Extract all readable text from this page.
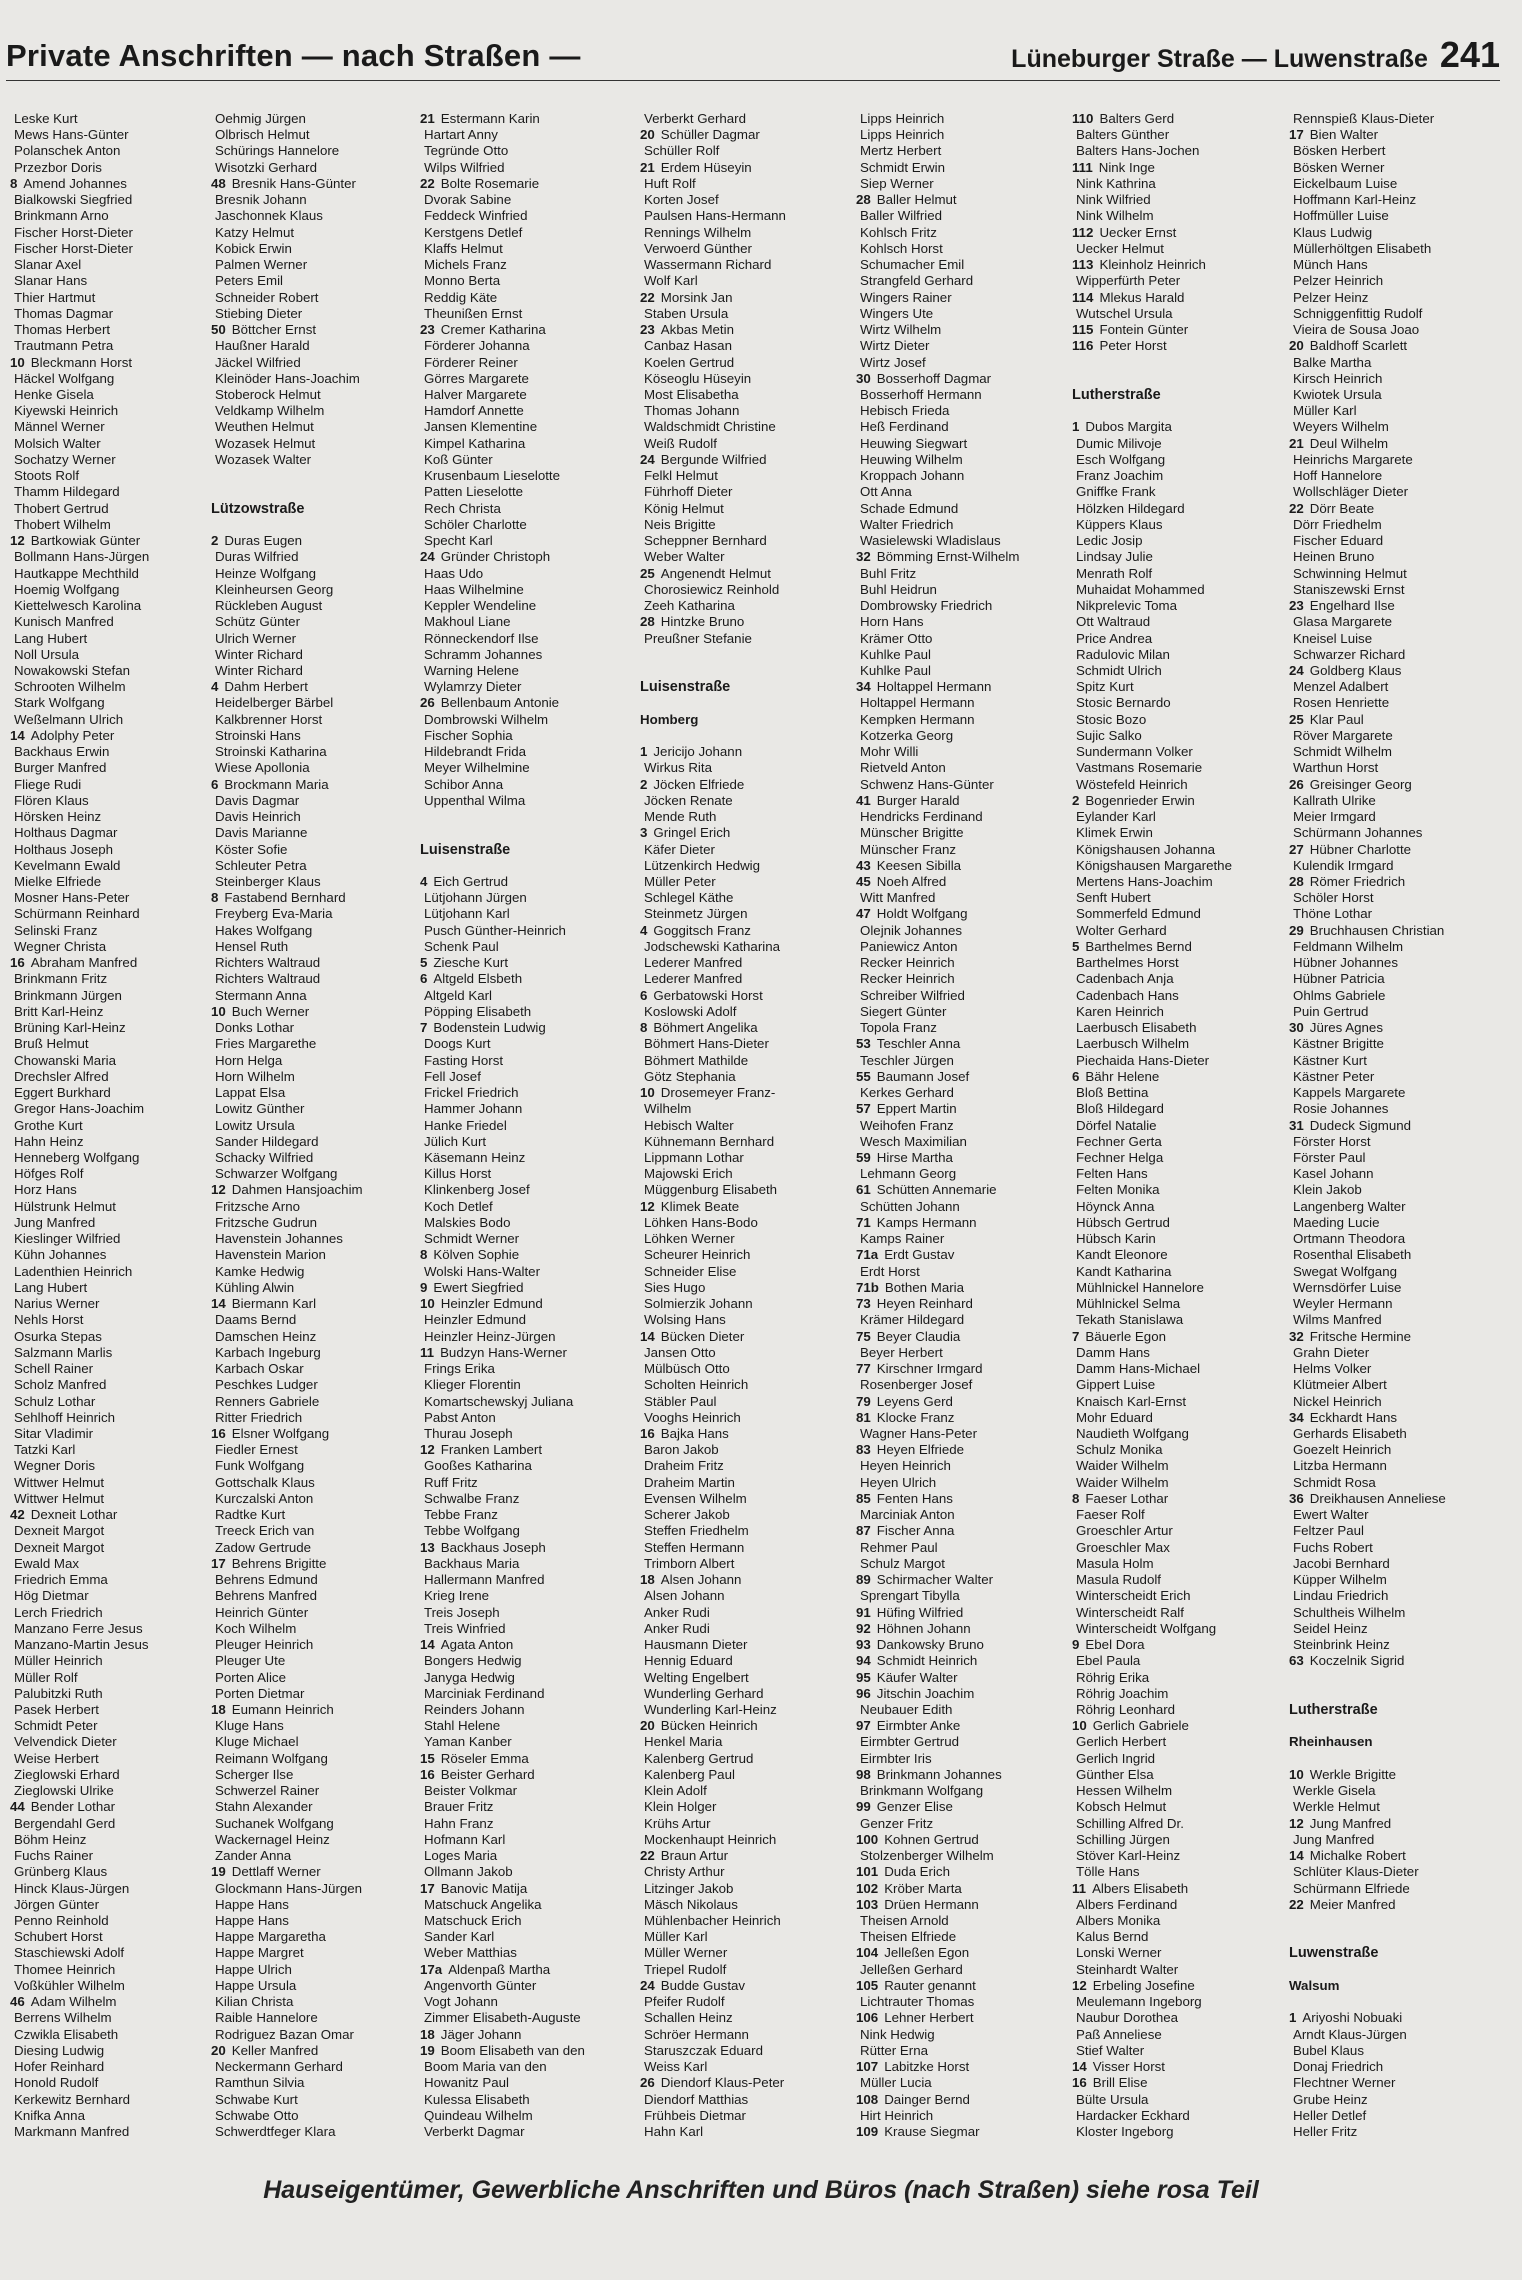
Private Anschriften — nach Straßen —	Lüneburger Straße — Luwenstraße 241
Leske Kurt
Mews Hans-Günter
Polanschek Anton
Przezbor Doris
8 Amend Johannes
Bialkowski Siegfried
Brinkmann Arno
Fischer Horst-Dieter
Fischer Horst-Dieter
Slanar Axel
Slanar Hans
Thier Hartmut
Thomas Dagmar
Thomas Herbert
Trautmann Petra
10 Bleckmann Horst
Häckel Wolfgang
Henke Gisela
Kiyewski Heinrich
Männel Werner
Molsich Walter
Sochatzy Werner
Stoots Rolf
Thamm Hildegard
Thobert Gertrud
Thobert Wilhelm
12 Bartkowiak Günter
Bollmann Hans-Jürgen
Hautkappe Mechthild
Hoemig Wolfgang
Kiettelwesch Karolina
Kunisch Manfred
Lang Hubert
Noll Ursula
Nowakowski Stefan
Schrooten Wilhelm
Stark Wolfgang
Weßelmann Ulrich
14 Adolphy Peter
Backhaus Erwin
Burger Manfred
Fliege Rudi
Flören Klaus
Hörsken Heinz
Holthaus Dagmar
Holthaus Joseph
Kevelmann Ewald
Mielke Elfriede
Mosner Hans-Peter
Schürmann Reinhard
Selinski Franz
Wegner Christa
16 Abraham Manfred
Brinkmann Fritz
Brinkmann Jürgen
Britt Karl-Heinz
Brüning Karl-Heinz
Bruß Helmut
Chowanski Maria
Drechsler Alfred
Eggert Burkhard
Gregor Hans-Joachim
Grothe Kurt
Hahn Heinz
Henneberg Wolfgang
Höfges Rolf
Horz Hans
Hülstrunk Helmut
Jung Manfred
Kieslinger Wilfried
Kühn Johannes
Ladenthien Heinrich
Lang Hubert
Narius Werner
Nehls Horst
Osurka Stepas
Salzmann Marlis
Schell Rainer
Scholz Manfred
Schulz Lothar
Sehlhoff Heinrich
Sitar Vladimir
Tatzki Karl
Wegner Doris
Wittwer Helmut
Wittwer Helmut
42 Dexneit Lothar
Dexneit Margot
Dexneit Margot
Ewald Max
Friedrich Emma
Hög Dietmar
Lerch Friedrich
Manzano Ferre Jesus
Manzano-Martin Jesus
Müller Heinrich
Müller Rolf
Palubitzki Ruth
Pasek Herbert
Schmidt Peter
Velvendick Dieter
Weise Herbert
Zieglowski Erhard
Zieglowski Ulrike
44 Bender Lothar
Bergendahl Gerd
Böhm Heinz
Fuchs Rainer
Grünberg Klaus
Hinck Klaus-Jürgen
Jörgen Günter
Penno Reinhold
Schubert Horst
Staschiewski Adolf
Thomee Heinrich
Voßkühler Wilhelm
46 Adam Wilhelm
Berrens Wilhelm
Czwikla Elisabeth
Diesing Ludwig
Hofer Reinhard
Honold Rudolf
Kerkewitz Bernhard
Knifka Anna
Markmann Manfred
Oehmig Jürgen
Olbrisch Helmut
Schürings Hannelore
Wisotzki Gerhard
48 Bresnik Hans-Günter
Bresnik Johann
Jaschonnek Klaus
Katzy Helmut
Kobick Erwin
Palmen Werner
Peters Emil
Schneider Robert
Stiebing Dieter
50 Böttcher Ernst
Haußner Harald
Jäckel Wilfried
Kleinöder Hans-Joachim
Stoberock Helmut
Veldkamp Wilhelm
Weuthen Helmut
Wozasek Helmut
Wozasek Walter
Lützowstraße
2 Duras Eugen
Duras Wilfried
Heinze Wolfgang
Kleinheursen Georg
Rückleben August
Schütz Günter
Ulrich Werner
Winter Richard
Winter Richard
4 Dahm Herbert
Heidelberger Bärbel
Kalkbrenner Horst
Stroinski Hans
Stroinski Katharina
Wiese Apollonia
6 Brockmann Maria
Davis Dagmar
Davis Heinrich
Davis Marianne
Köster Sofie
Schleuter Petra
Steinberger Klaus
8 Fastabend Bernhard
Freyberg Eva-Maria
Hakes Wolfgang
Hensel Ruth
Richters Waltraud
Richters Waltraud
Stermann Anna
10 Buch Werner
Donks Lothar
Fries Margarethe
Horn Helga
Horn Wilhelm
Lappat Elsa
Lowitz Günther
Lowitz Ursula
Sander Hildegard
Schacky Wilfried
Schwarzer Wolfgang
12 Dahmen Hansjoachim
Fritzsche Arno
Fritzsche Gudrun
Havenstein Johannes
Havenstein Marion
Kamke Hedwig
Kühling Alwin
14 Biermann Karl
Daams Bernd
Damschen Heinz
Karbach Ingeburg
Karbach Oskar
Peschkes Ludger
Renners Gabriele
Ritter Friedrich
16 Elsner Wolfgang
Fiedler Ernest
Funk Wolfgang
Gottschalk Klaus
Kurczalski Anton
Radtke Kurt
Treeck Erich van
Zadow Gertrude
17 Behrens Brigitte
Behrens Edmund
Behrens Manfred
Heinrich Günter
Koch Wilhelm
Pleuger Heinrich
Pleuger Ute
Porten Alice
Porten Dietmar
18 Eumann Heinrich
Kluge Hans
Kluge Michael
Reimann Wolfgang
Scherger Ilse
Schwerzel Rainer
Stahn Alexander
Suchanek Wolfgang
Wackernagel Heinz
Zander Anna
19 Dettlaff Werner
Glockmann Hans-Jürgen
Happe Hans
Happe Hans
Happe Margaretha
Happe Margret
Happe Ulrich
Happe Ursula
Kilian Christa
Raible Hannelore
Rodriguez Bazan Omar
20 Keller Manfred
Neckermann Gerhard
Ramthun Silvia
Schwabe Kurt
Schwabe Otto
Schwerdtfeger Klara
21 Estermann Karin
Hartart Anny
Tegründe Otto
Wilps Wilfried
22 Bolte Rosemarie
Dvorak Sabine
Feddeck Winfried
Kerstgens Detlef
Klaffs Helmut
Michels Franz
Monno Berta
Reddig Käte
Theunißen Ernst
23 Cremer Katharina
Förderer Johanna
Förderer Reiner
Görres Margarete
Halver Margarete
Hamdorf Annette
Jansen Klementine
Kimpel Katharina
Koß Günter
Krusenbaum Lieselotte
Patten Lieselotte
Rech Christa
Schöler Charlotte
Specht Karl
24 Gründer Christoph
Haas Udo
Haas Wilhelmine
Keppler Wendeline
Makhoul Liane
Rönneckendorf Ilse
Schramm Johannes
Warning Helene
Wylamrzy Dieter
26 Bellenbaum Antonie
Dombrowski Wilhelm
Fischer Sophia
Hildebrandt Frida
Meyer Wilhelmine
Schibor Anna
Uppenthal Wilma
Luisenstraße
4 Eich Gertrud
Lütjohann Jürgen
Lütjohann Karl
Pusch Günther-Heinrich
Schenk Paul
5 Ziesche Kurt
6 Altgeld Elsbeth
Altgeld Karl
Pöpping Elisabeth
7 Bodenstein Ludwig
Doogs Kurt
Fasting Horst
Fell Josef
Frickel Friedrich
Hammer Johann
Hanke Friedel
Jülich Kurt
Käsemann Heinz
Killus Horst
Klinkenberg Josef
Koch Detlef
Malskies Bodo
Schmidt Werner
8 Kölven Sophie
Wolski Hans-Walter
9 Ewert Siegfried
10 Heinzler Edmund
Heinzler Edmund
Heinzler Heinz-Jürgen
11 Budzyn Hans-Werner
Frings Erika
Klieger Florentin
Komartschewskyj Juliana
Pabst Anton
Thurau Joseph
12 Franken Lambert
Gooßes Katharina
Ruff Fritz
Schwalbe Franz
Tebbe Franz
Tebbe Wolfgang
13 Backhaus Joseph
Backhaus Maria
Hallermann Manfred
Krieg Irene
Treis Joseph
Treis Winfried
14 Agata Anton
Bongers Hedwig
Janyga Hedwig
Marciniak Ferdinand
Reinders Johann
Stahl Helene
Yaman Kanber
15 Röseler Emma
16 Beister Gerhard
Beister Volkmar
Brauer Fritz
Hahn Franz
Hofmann Karl
Loges Maria
Ollmann Jakob
17 Banovic Matija
Matschuck Angelika
Matschuck Erich
Sander Karl
Weber Matthias
17a Aldenpaß Martha
Angenvorth Günter
Vogt Johann
Zimmer Elisabeth-Auguste
18 Jäger Johann
19 Boom Elisabeth van den
Boom Maria van den
Howanitz Paul
Kulessa Elisabeth
Quindeau Wilhelm
Verberkt Dagmar
Verberkt Gerhard
20 Schüller Dagmar
Schüller Rolf
21 Erdem Hüseyin
Huft Rolf
Korten Josef
Paulsen Hans-Hermann
Rennings Wilhelm
Verwoerd Günther
Wassermann Richard
Wolf Karl
22 Morsink Jan
Staben Ursula
23 Akbas Metin
Canbaz Hasan
Koelen Gertrud
Köseoglu Hüseyin
Most Elisabetha
Thomas Johann
Waldschmidt Christine
Weiß Rudolf
24 Bergunde Wilfried
Felkl Helmut
Führhoff Dieter
König Helmut
Neis Brigitte
Scheppner Bernhard
Weber Walter
25 Angenendt Helmut
Chorosiewicz Reinhold
Zeeh Katharina
28 Hintzke Bruno
Preußner Stefanie
Luisenstraße
Homberg
1 Jericijo Johann
Wirkus Rita
2 Jöcken Elfriede
Jöcken Renate
Mende Ruth
3 Gringel Erich
Käfer Dieter
Lützenkirch Hedwig
Müller Peter
Schlegel Käthe
Steinmetz Jürgen
4 Goggitsch Franz
Jodschewski Katharina
Lederer Manfred
Lederer Manfred
6 Gerbatowski Horst
Koslowski Adolf
8 Böhmert Angelika
Böhmert Hans-Dieter
Böhmert Mathilde
Götz Stephania
10 Drosemeyer Franz-
Wilhelm
Hebisch Walter
Kühnemann Bernhard
Lippmann Lothar
Majowski Erich
Müggenburg Elisabeth
12 Klimek Beate
Löhken Hans-Bodo
Löhken Werner
Scheurer Heinrich
Schneider Elise
Sies Hugo
Solmierzik Johann
Wolsing Hans
14 Bücken Dieter
Jansen Otto
Mülbüsch Otto
Scholten Heinrich
Stäbler Paul
Vooghs Heinrich
16 Bajka Hans
Baron Jakob
Draheim Fritz
Draheim Martin
Evensen Wilhelm
Scherer Jakob
Steffen Friedhelm
Steffen Hermann
Trimborn Albert
18 Alsen Johann
Alsen Johann
Anker Rudi
Anker Rudi
Hausmann Dieter
Hennig Eduard
Welting Engelbert
Wunderling Gerhard
Wunderling Karl-Heinz
20 Bücken Heinrich
Henkel Maria
Kalenberg Gertrud
Kalenberg Paul
Klein Adolf
Klein Holger
Krühs Artur
Mockenhaupt Heinrich
22 Braun Artur
Christy Arthur
Litzinger Jakob
Mäsch Nikolaus
Mühlenbacher Heinrich
Müller Karl
Müller Werner
Triepel Rudolf
24 Budde Gustav
Pfeifer Rudolf
Schallen Heinz
Schröer Hermann
Staruszczak Eduard
Weiss Karl
26 Diendorf Klaus-Peter
Diendorf Matthias
Frühbeis Dietmar
Hahn Karl
Lipps Heinrich
Lipps Heinrich
Mertz Herbert
Schmidt Erwin
Siep Werner
28 Baller Helmut
Baller Wilfried
Kohlsch Fritz
Kohlsch Horst
Schumacher Emil
Strangfeld Gerhard
Wingers Rainer
Wingers Ute
Wirtz Wilhelm
Wirtz Dieter
Wirtz Josef
30 Bosserhoff Dagmar
Bosserhoff Hermann
Hebisch Frieda
Heß Ferdinand
Heuwing Siegwart
Heuwing Wilhelm
Kroppach Johann
Ott Anna
Schade Edmund
Walter Friedrich
Wasielewski Wladislaus
32 Bömming Ernst-Wilhelm
Buhl Fritz
Buhl Heidrun
Dombrowsky Friedrich
Horn Hans
Krämer Otto
Kuhlke Paul
Kuhlke Paul
34 Holtappel Hermann
Holtappel Hermann
Kempken Hermann
Kotzerka Georg
Mohr Willi
Rietveld Anton
Schwenz Hans-Günter
41 Burger Harald
Hendricks Ferdinand
Münscher Brigitte
Münscher Franz
43 Keesen Sibilla
45 Noeh Alfred
Witt Manfred
47 Holdt Wolfgang
Olejnik Johannes
Paniewicz Anton
Recker Heinrich
Recker Heinrich
Schreiber Wilfried
Siegert Günter
Topola Franz
53 Teschler Anna
Teschler Jürgen
55 Baumann Josef
Kerkes Gerhard
57 Eppert Martin
Weihofen Franz
Wesch Maximilian
59 Hirse Martha
Lehmann Georg
61 Schütten Annemarie
Schütten Johann
71 Kamps Hermann
Kamps Rainer
71a Erdt Gustav
Erdt Horst
71b Bothen Maria
73 Heyen Reinhard
Krämer Hildegard
75 Beyer Claudia
Beyer Herbert
77 Kirschner Irmgard
Rosenberger Josef
79 Leyens Gerd
81 Klocke Franz
Wagner Hans-Peter
83 Heyen Elfriede
Heyen Heinrich
Heyen Ulrich
85 Fenten Hans
Marciniak Anton
87 Fischer Anna
Rehmer Paul
Schulz Margot
89 Schirmacher Walter
Sprengart Tibylla
91 Hüfing Wilfried
92 Höhnen Johann
93 Dankowsky Bruno
94 Schmidt Heinrich
95 Käufer Walter
96 Jitschin Joachim
Neubauer Edith
97 Eirmbter Anke
Eirmbter Gertrud
Eirmbter Iris
98 Brinkmann Johannes
Brinkmann Wolfgang
99 Genzer Elise
Genzer Fritz
100 Kohnen Gertrud
Stolzenberger Wilhelm
101 Duda Erich
102 Kröber Marta
103 Drüen Hermann
Theisen Arnold
Theisen Elfriede
104 Jelleßen Egon
Jelleßen Gerhard
105 Rauter genannt
Lichtrauter Thomas
106 Lehner Herbert
Nink Hedwig
Rütter Erna
107 Labitzke Horst
Müller Lucia
108 Dainger Bernd
Hirt Heinrich
109 Krause Siegmar
110 Balters Gerd
Balters Günther
Balters Hans-Jochen
111 Nink Inge
Nink Kathrina
Nink Wilfried
Nink Wilhelm
112 Uecker Ernst
Uecker Helmut
113 Kleinholz Heinrich
Wipperfürth Peter
114 Mlekus Harald
Wutschel Ursula
115 Fontein Günter
116 Peter Horst
Lutherstraße
1 Dubos Margita
Dumic Milivoje
Esch Wolfgang
Franz Joachim
Gniffke Frank
Hölzken Hildegard
Küppers Klaus
Ledic Josip
Lindsay Julie
Menrath Rolf
Muhaidat Mohammed
Nikprelevic Toma
Ott Waltraud
Price Andrea
Radulovic Milan
Schmidt Ulrich
Spitz Kurt
Stosic Bernardo
Stosic Bozo
Sujic Salko
Sundermann Volker
Vastmans Rosemarie
Wöstefeld Heinrich
2 Bogenrieder Erwin
Eylander Karl
Klimek Erwin
Königshausen Johanna
Königshausen Margarethe
Mertens Hans-Joachim
Senft Hubert
Sommerfeld Edmund
Wolter Gerhard
5 Barthelmes Bernd
Barthelmes Horst
Cadenbach Anja
Cadenbach Hans
Karen Heinrich
Laerbusch Elisabeth
Laerbusch Wilhelm
Piechaida Hans-Dieter
6 Bähr Helene
Bloß Bettina
Bloß Hildegard
Dörfel Natalie
Fechner Gerta
Fechner Helga
Felten Hans
Felten Monika
Höynck Anna
Hübsch Gertrud
Hübsch Karin
Kandt Eleonore
Kandt Katharina
Mühlnickel Hannelore
Mühlnickel Selma
Tekath Stanislawa
7 Bäuerle Egon
Damm Hans
Damm Hans-Michael
Gippert Luise
Knaisch Karl-Ernst
Mohr Eduard
Naudieth Wolfgang
Schulz Monika
Waider Wilhelm
Waider Wilhelm
8 Faeser Lothar
Faeser Rolf
Groeschler Artur
Groeschler Max
Masula Holm
Masula Rudolf
Winterscheidt Erich
Winterscheidt Ralf
Winterscheidt Wolfgang
9 Ebel Dora
Ebel Paula
Röhrig Erika
Röhrig Joachim
Röhrig Leonhard
10 Gerlich Gabriele
Gerlich Herbert
Gerlich Ingrid
Günther Elsa
Hessen Wilhelm
Kobsch Helmut
Schilling Alfred Dr.
Schilling Jürgen
Stöver Karl-Heinz
Tölle Hans
11 Albers Elisabeth
Albers Ferdinand
Albers Monika
Kalus Bernd
Lonski Werner
Steinhardt Walter
12 Erbeling Josefine
Meulemann Ingeborg
Naubur Dorothea
Paß Anneliese
Stief Walter
14 Visser Horst
16 Brill Elise
Bülte Ursula
Hardacker Eckhard
Kloster Ingeborg
Rennspieß Klaus-Dieter
17 Bien Walter
Bösken Herbert
Bösken Werner
Eickelbaum Luise
Hoffmann Karl-Heinz
Hoffmüller Luise
Klaus Ludwig
Müllerhöltgen Elisabeth
Münch Hans
Pelzer Heinrich
Pelzer Heinz
Schniggenfittig Rudolf
Vieira de Sousa Joao
20 Baldhoff Scarlett
Balke Martha
Kirsch Heinrich
Kwiotek Ursula
Müller Karl
Weyers Wilhelm
21 Deul Wilhelm
Heinrichs Margarete
Hoff Hannelore
Wollschläger Dieter
22 Dörr Beate
Dörr Friedhelm
Fischer Eduard
Heinen Bruno
Schwinning Helmut
Staniszewski Ernst
23 Engelhard Ilse
Glasa Margarete
Kneisel Luise
Schwarzer Richard
24 Goldberg Klaus
Menzel Adalbert
Rosen Henriette
25 Klar Paul
Röver Margarete
Schmidt Wilhelm
Warthun Horst
26 Greisinger Georg
Kallrath Ulrike
Meier Irmgard
Schürmann Johannes
27 Hübner Charlotte
Kulendik Irmgard
28 Römer Friedrich
Schöler Horst
Thöne Lothar
29 Bruchhausen Christian
Feldmann Wilhelm
Hübner Johannes
Hübner Patricia
Ohlms Gabriele
Puin Gertrud
30 Jüres Agnes
Kästner Brigitte
Kästner Kurt
Kästner Peter
Kappels Margarete
Rosie Johannes
31 Dudeck Sigmund
Förster Horst
Förster Paul
Kasel Johann
Klein Jakob
Langenberg Walter
Maeding Lucie
Ortmann Theodora
Rosenthal Elisabeth
Swegat Wolfgang
Wernsdörfer Luise
Weyler Hermann
Wilms Manfred
32 Fritsche Hermine
Grahn Dieter
Helms Volker
Klütmeier Albert
Nickel Heinrich
34 Eckhardt Hans
Gerhards Elisabeth
Goezelt Heinrich
Litzba Hermann
Schmidt Rosa
36 Dreikhausen Anneliese
Ewert Walter
Feltzer Paul
Fuchs Robert
Jacobi Bernhard
Küpper Wilhelm
Lindau Friedrich
Schultheis Wilhelm
Seidel Heinz
Steinbrink Heinz
63 Koczelnik Sigrid
Lutherstraße
Rheinhausen
10 Werkle Brigitte
Werkle Gisela
Werkle Helmut
12 Jung Manfred
Jung Manfred
14 Michalke Robert
Schlüter Klaus-Dieter
Schürmann Elfriede
22 Meier Manfred
Luwenstraße
Walsum
1 Ariyoshi Nobuaki
Arndt Klaus-Jürgen
Bubel Klaus
Donaj Friedrich
Flechtner Werner
Grube Heinz
Heller Detlef
Heller Fritz
Hauseigentümer, Gewerbliche Anschriften und Büros (nach Straßen) siehe rosa Teil
